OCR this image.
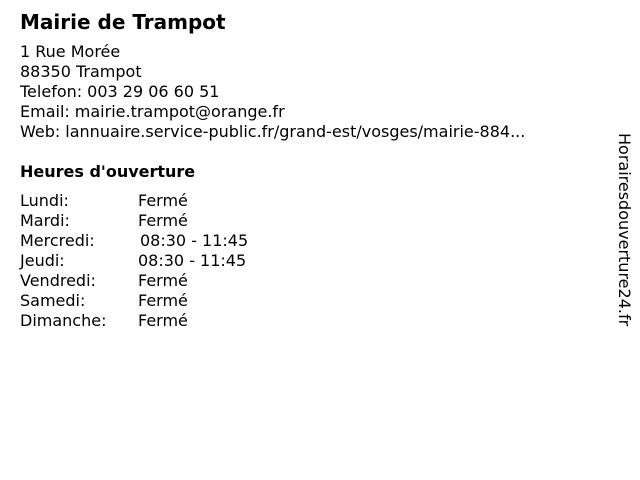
Mairie de Trampot
1 Rue Morée
88350 Trampot
Telefon: 003 29 06 60 51
Email: mairie.trampot@orange.fr
Web: lannuaire.service-public.fr/grand-est/vosges/mairie-884...
Heures d'ouverture
Lundi:	Fermé
Mardi:	Fermé
Mercredi:	08:30 - 11:45
Jeudi:	08:30 - 11:45
Vendredi:	Fermé
Samedi:	Fermé
Dimanche:	Fermé	Horairesdouverture24.fr
